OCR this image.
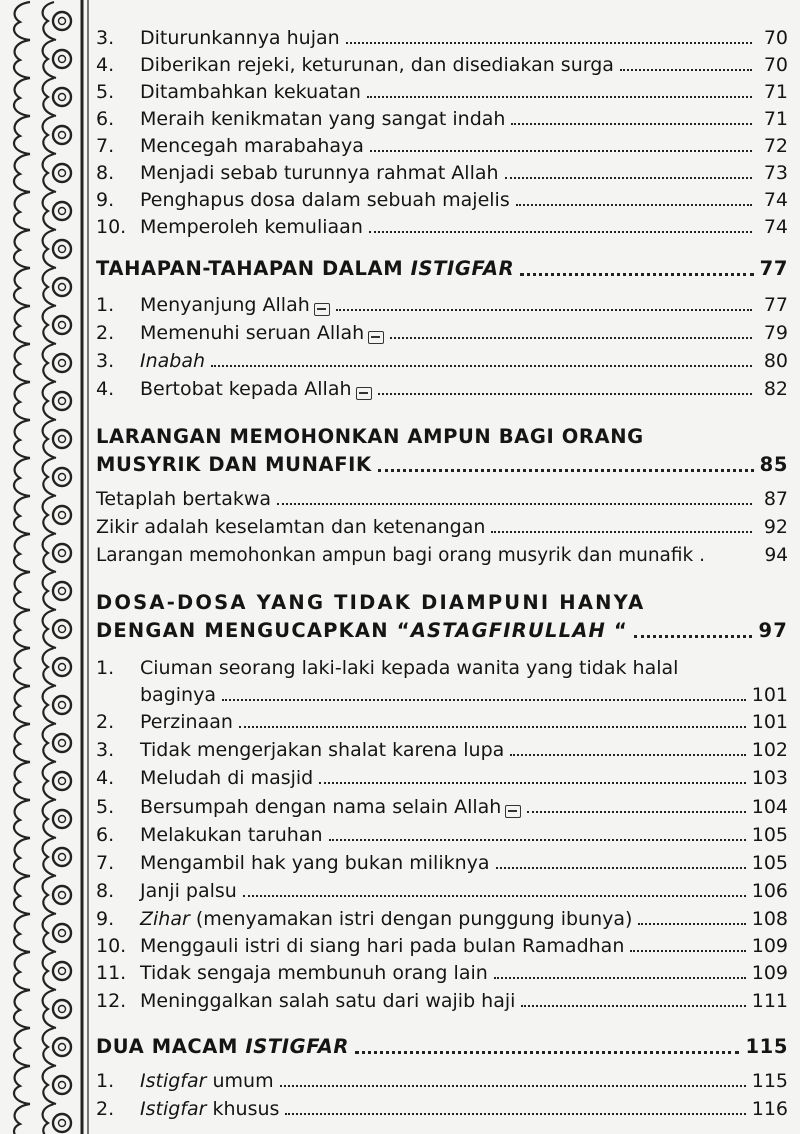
3.	Diturunkannya hujan	70
4.	Diberikan rejeki, keturunan, dan disediakan surga	70
5.	Ditambahkan kekuatan	71
6.	Meraih kenikmatan yang sangat indah	71
7.	Mencegah marabahaya	72
8.	Menjadi sebab turunnya rahmat Allah	73
9.	Penghapus dosa dalam sebuah majelis	74
10. Memperoleh kemuliaan	74
TAHAPAN-TAHAPAN DALAM ISTIGFAR	77
1.	Menyanjung Allah	77
2.	Memenuhi seruan Allah	79
3.	Inabah	80
4.	Bertobat kepada Allah	82
LARANGAN MEMOHONKAN AMPUN BAGI ORANG
MUSYRIK DAN MUNAFIK	85
Tetaplah bertakwa	87
Zikir adalah keselamtan dan ketenangan	92
Larangan memohonkan ampun bagi orang musyrik dan munafik .	94
DOSA-DOSA YANG TIDAK DIAMPUNI HANYA
DENGAN MENGUCAPKAN “ ASTAGFIRULLAH “	97
1.	Ciuman seorang laki-laki kepada wanita yang tidak halal
baginya	101
2.	Perzinaan	101
3.	Tidak mengerjakan shalat karena lupa	102
4.	Meludah di masjid	103
5.	Bersumpah dengan nama selain Allah	104
6.	Melakukan taruhan	105
7.	Mengambil hak yang bukan miliknya	105
8.	Janji palsu	106
9.	Zihar (menyamakan istri dengan punggung ibunya)	108
10. Menggauli istri di siang hari pada bulan Ramadhan	109
11. Tidak sengaja membunuh orang lain	109
12. Meninggalkan salah satu dari wajib haji	111
DUA MACAM ISTIGFAR	115
1.	Istigfar umum	115
2.	Istigfar khusus	116
